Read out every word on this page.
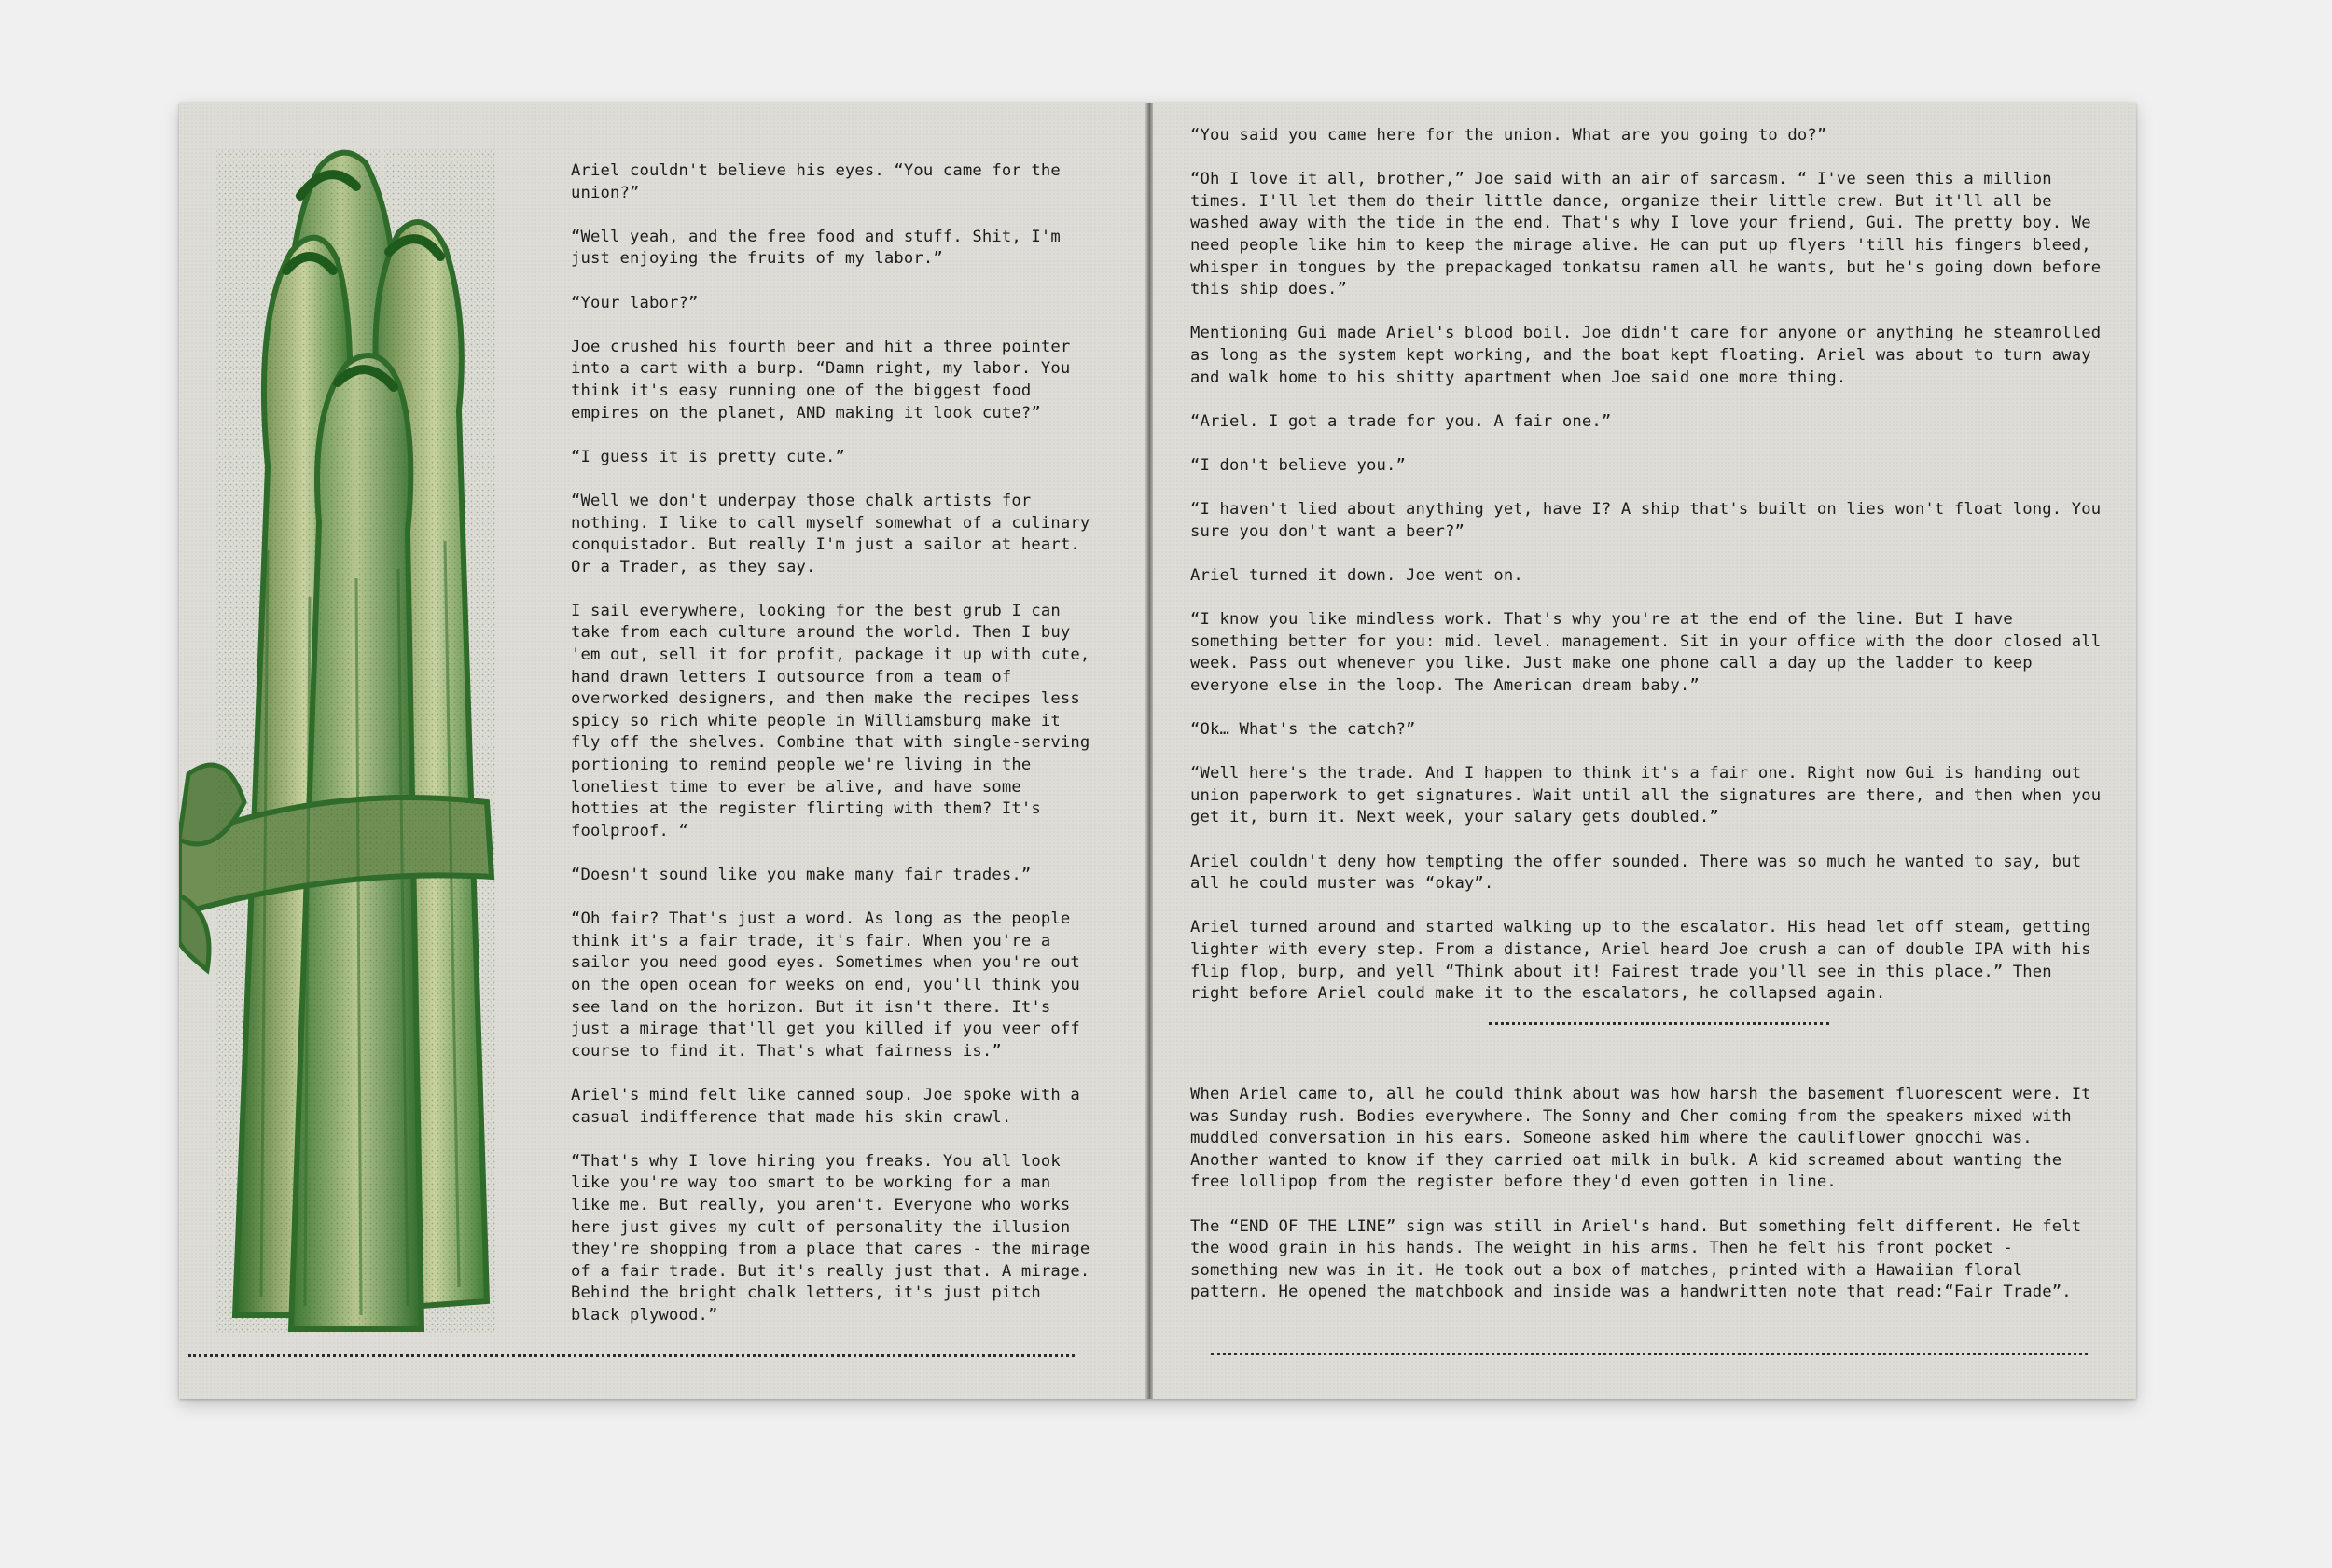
Ariel couldn't believe his eyes. “You came for the union?”

“Well yeah, and the free food and stuff. Shit, I'm just enjoying the fruits of my labor.”

“Your labor?”

Joe crushed his fourth beer and hit a three pointer into a cart with a burp. “Damn right, my labor. You think it's easy running one of the biggest food empires on the planet, AND making it look cute?”

“I guess it is pretty cute.”

“Well we don't underpay those chalk artists for nothing. I like to call myself somewhat of a culinary conquistador. But really I'm just a sailor at heart. Or a Trader, as they say.

I sail everywhere, looking for the best grub I can take from each culture around the world. Then I buy 'em out, sell it for profit, package it up with cute, hand drawn letters I outsource from a team of overworked designers, and then make the recipes less spicy so rich white people in Williamsburg make it fly off the shelves. Combine that with single-serving portioning to remind people we're living in the loneliest time to ever be alive, and have some hotties at the register flirting with them? It's foolproof. “

“Doesn't sound like you make many fair trades.”

“Oh fair? That's just a word. As long as the people think it's a fair trade, it's fair. When you're a sailor you need good eyes. Sometimes when you're out on the open ocean for weeks on end, you'll think you see land on the horizon. But it isn't there. It's just a mirage that'll get you killed if you veer off course to find it. That's what fairness is.”

Ariel's mind felt like canned soup. Joe spoke with a casual indifference that made his skin crawl.

“That's why I love hiring you freaks. You all look like you're way too smart to be working for a man like me. But really, you aren't. Everyone who works here just gives my cult of personality the illusion they're shopping from a place that cares - the mirage of a fair trade. But it's really just that. A mirage. Behind the bright chalk letters, it's just pitch black plywood.”

“You said you came here for the union. What are you going to do?”

“Oh I love it all, brother,” Joe said with an air of sarcasm. “ I've seen this a million times. I'll let them do their little dance, organize their little crew. But it'll all be washed away with the tide in the end. That's why I love your friend, Gui. The pretty boy. We need people like him to keep the mirage alive. He can put up flyers 'till his fingers bleed, whisper in tongues by the prepackaged tonkatsu ramen all he wants, but he's going down before this ship does.”

Mentioning Gui made Ariel's blood boil. Joe didn't care for anyone or anything he steamrolled as long as the system kept working, and the boat kept floating. Ariel was about to turn away and walk home to his shitty apartment when Joe said one more thing.

“Ariel. I got a trade for you. A fair one.”

“I don't believe you.”

“I haven't lied about anything yet, have I? A ship that's built on lies won't float long. You sure you don't want a beer?”

Ariel turned it down. Joe went on.

“I know you like mindless work. That's why you're at the end of the line. But I have something better for you: mid. level. management. Sit in your office with the door closed all week. Pass out whenever you like. Just make one phone call a day up the ladder to keep everyone else in the loop. The American dream baby.”

“Ok… What's the catch?”

“Well here's the trade. And I happen to think it's a fair one. Right now Gui is handing out union paperwork to get signatures. Wait until all the signatures are there, and then when you get it, burn it. Next week, your salary gets doubled.”

Ariel couldn't deny how tempting the offer sounded. There was so much he wanted to say, but all he could muster was “okay”.

Ariel turned around and started walking up to the escalator. His head let off steam, getting lighter with every step. From a distance, Ariel heard Joe crush a can of double IPA with his flip flop, burp, and yell “Think about it! Fairest trade you'll see in this place.” Then right before Ariel could make it to the escalators, he collapsed again.

When Ariel came to, all he could think about was how harsh the basement fluorescent were. It was Sunday rush. Bodies everywhere. The Sonny and Cher coming from the speakers mixed with muddled conversation in his ears. Someone asked him where the cauliflower gnocchi was. Another wanted to know if they carried oat milk in bulk. A kid screamed about wanting the free lollipop from the register before they'd even gotten in line.

The “END OF THE LINE” sign was still in Ariel's hand. But something felt different. He felt the wood grain in his hands. The weight in his arms. Then he felt his front pocket - something new was in it. He took out a box of matches, printed with a Hawaiian floral pattern. He opened the matchbook and inside was a handwritten note that read:“Fair Trade”.
